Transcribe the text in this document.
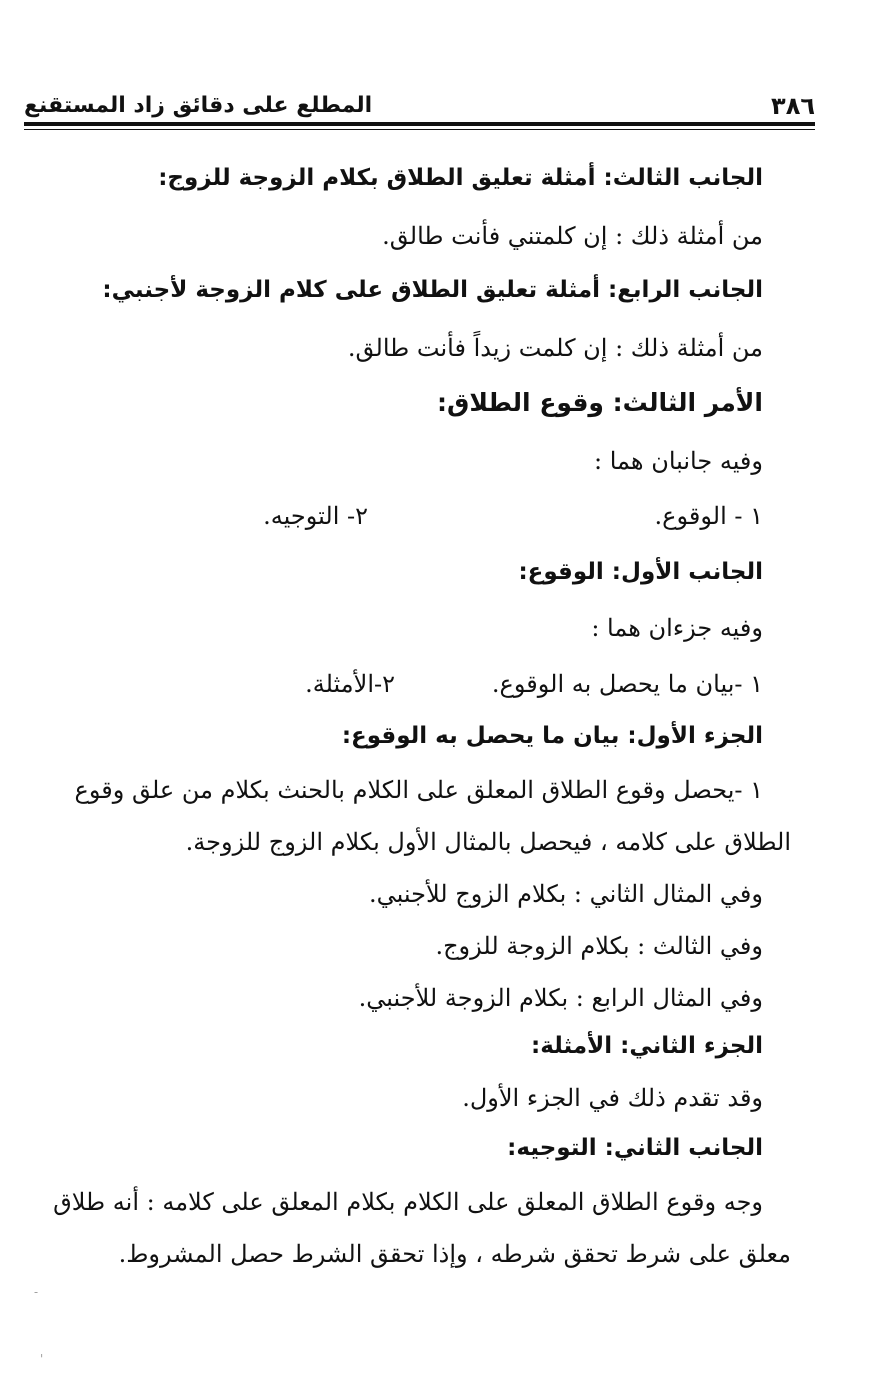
٣٨٦
المطلع على دقائق زاد المستقنع
الجانب الثالث: أمثلة تعليق الطلاق بكلام الزوجة للزوج:
من أمثلة ذلك : إن كلمتني فأنت طالق.
الجانب الرابع: أمثلة تعليق الطلاق على كلام الزوجة لأجنبي:
من أمثلة ذلك : إن كلمت زيداً فأنت طالق.
الأمر الثالث: وقوع الطلاق:
وفيه جانبان هما :
١ - الوقوع.
٢- التوجيه.
الجانب الأول: الوقوع:
وفيه جزءان هما :
١ -بيان ما يحصل به الوقوع.
٢-الأمثلة.
الجزء الأول: بيان ما يحصل به الوقوع:
١ -يحصل وقوع الطلاق المعلق على الكلام بالحنث بكلام من علق وقوع
الطلاق على كلامه ، فيحصل بالمثال الأول بكلام الزوج للزوجة.
وفي المثال الثاني : بكلام الزوج للأجنبي.
وفي الثالث : بكلام الزوجة للزوج.
وفي المثال الرابع : بكلام الزوجة للأجنبي.
الجزء الثاني: الأمثلة:
وقد تقدم ذلك في الجزء الأول.
الجانب الثاني: التوجيه:
وجه وقوع الطلاق المعلق على الكلام بكلام المعلق على كلامه : أنه طلاق
معلق على شرط تحقق شرطه ، وإذا تحقق الشرط حصل المشروط.
-
'
